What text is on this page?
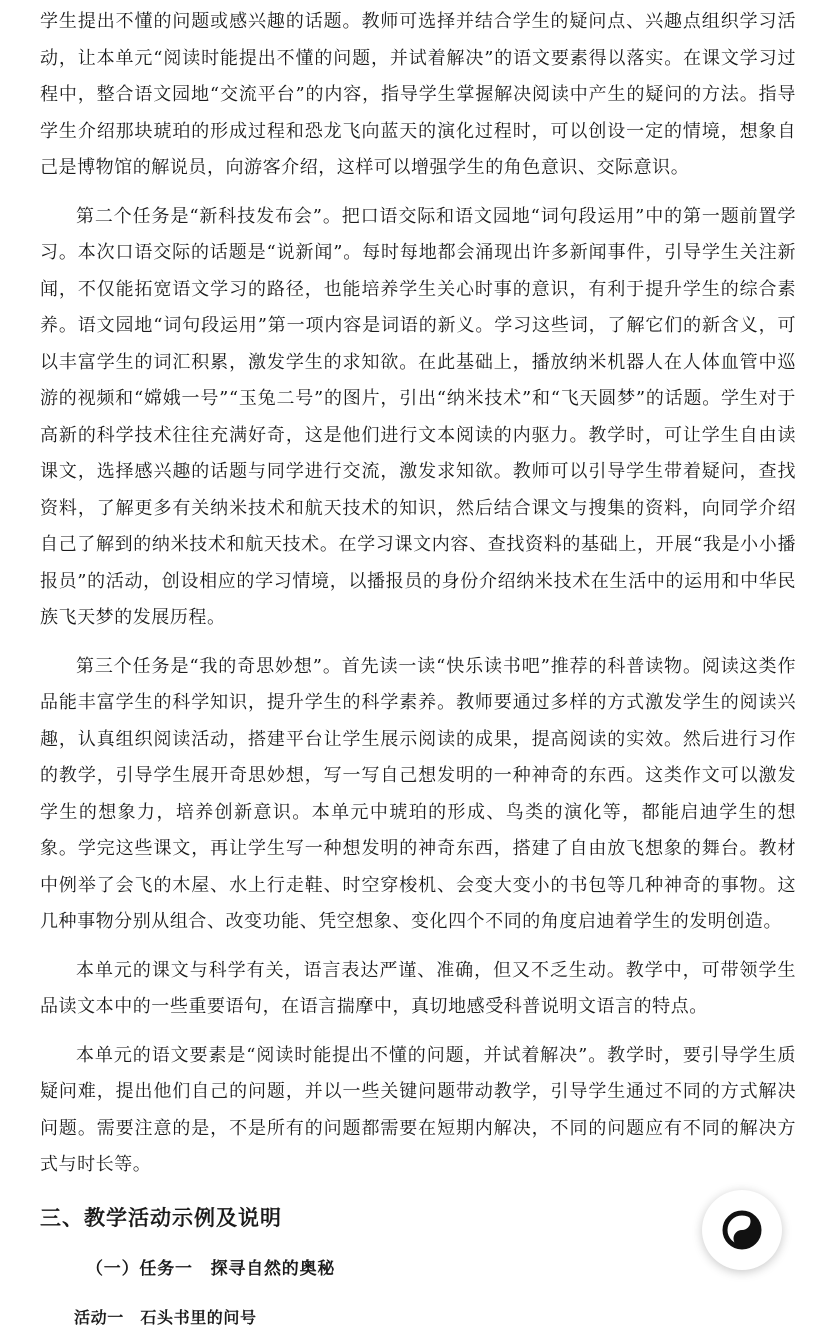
学生提出不懂的问题或感兴趣的话题。教师可选择并结合学生的疑问点、兴趣点组织学习活动，让本单元“阅读时能提出不懂的问题，并试着解决”的语文要素得以落实。在课文学习过程中，整合语文园地“交流平台”的内容，指导学生掌握解决阅读中产生的疑问的方法。指导学生介绍那块琥珀的形成过程和恐龙飞向蓝天的演化过程时，可以创设一定的情境，想象自己是博物馆的解说员，向游客介绍，这样可以增强学生的角色意识、交际意识。

第二个任务是“新科技发布会”。把口语交际和语文园地“词句段运用”中的第一题前置学习。本次口语交际的话题是“说新闻”。每时每地都会涌现出许多新闻事件，引导学生关注新闻，不仅能拓宽语文学习的路径，也能培养学生关心时事的意识，有利于提升学生的综合素养。语文园地“词句段运用”第一项内容是词语的新义。学习这些词，了解它们的新含义，可以丰富学生的词汇积累，激发学生的求知欲。在此基础上，播放纳米机器人在人体血管中巡游的视频和“嫦娥一号”“玉兔二号”的图片，引出“纳米技术”和“飞天圆梦”的话题。学生对于高新的科学技术往往充满好奇，这是他们进行文本阅读的内驱力。教学时，可让学生自由读课文，选择感兴趣的话题与同学进行交流，激发求知欲。教师可以引导学生带着疑问，查找资料，了解更多有关纳米技术和航天技术的知识，然后结合课文与搜集的资料，向同学介绍自己了解到的纳米技术和航天技术。在学习课文内容、查找资料的基础上，开展“我是小小播报员”的活动，创设相应的学习情境，以播报员的身份介绍纳米技术在生活中的运用和中华民族飞天梦的发展历程。

第三个任务是“我的奇思妙想”。首先读一读“快乐读书吧”推荐的科普读物。阅读这类作品能丰富学生的科学知识，提升学生的科学素养。教师要通过多样的方式激发学生的阅读兴趣，认真组织阅读活动，搭建平台让学生展示阅读的成果，提高阅读的实效。然后进行习作的教学，引导学生展开奇思妙想，写一写自己想发明的一种神奇的东西。这类作文可以激发学生的想象力，培养创新意识。本单元中琥珀的形成、鸟类的演化等，都能启迪学生的想象。学完这些课文，再让学生写一种想发明的神奇东西，搭建了自由放飞想象的舞台。教材中例举了会飞的木屋、水上行走鞋、时空穿梭机、会变大变小的书包等几种神奇的事物。这几种事物分别从组合、改变功能、凭空想象、变化四个不同的角度启迪着学生的发明创造。

本单元的课文与科学有关，语言表达严谨、准确，但又不乏生动。教学中，可带领学生品读文本中的一些重要语句，在语言揣摩中，真切地感受科普说明文语言的特点。

本单元的语文要素是“阅读时能提出不懂的问题，并试着解决”。教学时，要引导学生质疑问难，提出他们自己的问题，并以一些关键问题带动教学，引导学生通过不同的方式解决问题。需要注意的是，不是所有的问题都需要在短期内解决，不同的问题应有不同的解决方式与时长等。

三、教学活动示例及说明
（一）任务一　探寻自然的奥秘
活动一　石头书里的问号
